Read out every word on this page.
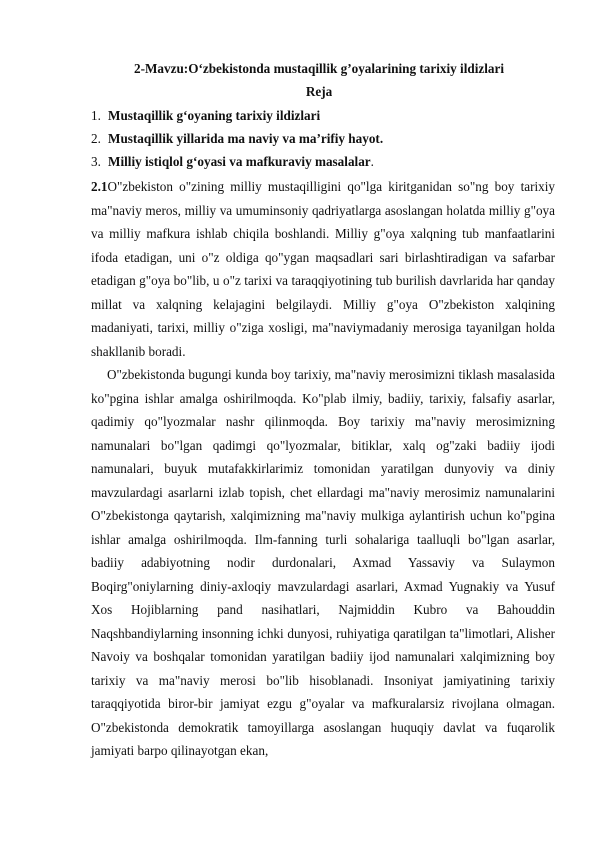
2-Mavzu:O‘zbekistonda mustaqillik g’oyalarining tarixiy ildizlari
Reja
1. Mustaqillik g‘oyaning tarixiy ildizlari
2. Mustaqillik yillarida ma naviy va ma’rifiy hayot.
3. Milliy istiqlol g‘oyasi va mafkuraviy masalalar.

2.1O"zbekiston o"zining milliy mustaqilligini qo"lga kiritganidan so"ng boy tarixiy ma"naviy meros, milliy va umuminsoniy qadriyatlarga asoslangan holatda milliy g"oya va milliy mafkura ishlab chiqila boshlandi. Milliy g"oya xalqning tub manfaatlarini ifoda etadigan, uni o"z oldiga qo"ygan maqsadlari sari birlashtiradigan va safarbar etadigan g"oya bo"lib, u o"z tarixi va taraqqiyotining tub burilish davrlarida har qanday millat va xalqning kelajagini belgilaydi. Milliy g"oya O"zbekiston xalqining madaniyati, tarixi, milliy o"ziga xosligi, ma"naviymadaniy merosiga tayanilgan holda shakllanib boradi.

O"zbekistonda bugungi kunda boy tarixiy, ma"naviy merosimizni tiklash masalasida ko"pgina ishlar amalga oshirilmoqda. Ko"plab ilmiy, badiiy, tarixiy, falsafiy asarlar, qadimiy qo"lyozmalar nashr qilinmoqda. Boy tarixiy ma"naviy merosimizning namunalari bo"lgan qadimgi qo"lyozmalar, bitiklar, xalq og"zaki badiiy ijodi namunalari, buyuk mutafakkirlarimiz tomonidan yaratilgan dunyoviy va diniy mavzulardagi asarlarni izlab topish, chet ellardagi ma"naviy merosimiz namunalarini O"zbekistonga qaytarish, xalqimizning ma"naviy mulkiga aylantirish uchun ko"pgina ishlar amalga oshirilmoqda. Ilm-fanning turli sohalariga taalluqli bo"lgan asarlar, badiiy adabiyotning nodir durdonalari, Axmad Yassaviy va Sulaymon Boqirg"oniylarning diniy-axloqiy mavzulardagi asarlari, Axmad Yugnakiy va Yusuf Xos Hojiblarning pand nasihatlari, Najmiddin Kubro va Bahouddin Naqshbandiylarning insonning ichki dunyosi, ruhiyatiga qaratilgan ta"limotlari, Alisher Navoiy va boshqalar tomonidan yaratilgan badiiy ijod namunalari xalqimizning boy tarixiy va ma"naviy merosi bo"lib hisoblanadi. Insoniyat jamiyatining tarixiy taraqqiyotida biror-bir jamiyat ezgu g"oyalar va mafkuralarsiz rivojlana olmagan. O"zbekistonda demokratik tamoyillarga asoslangan huquqiy davlat va fuqarolik jamiyati barpo qilinayotgan ekan,
